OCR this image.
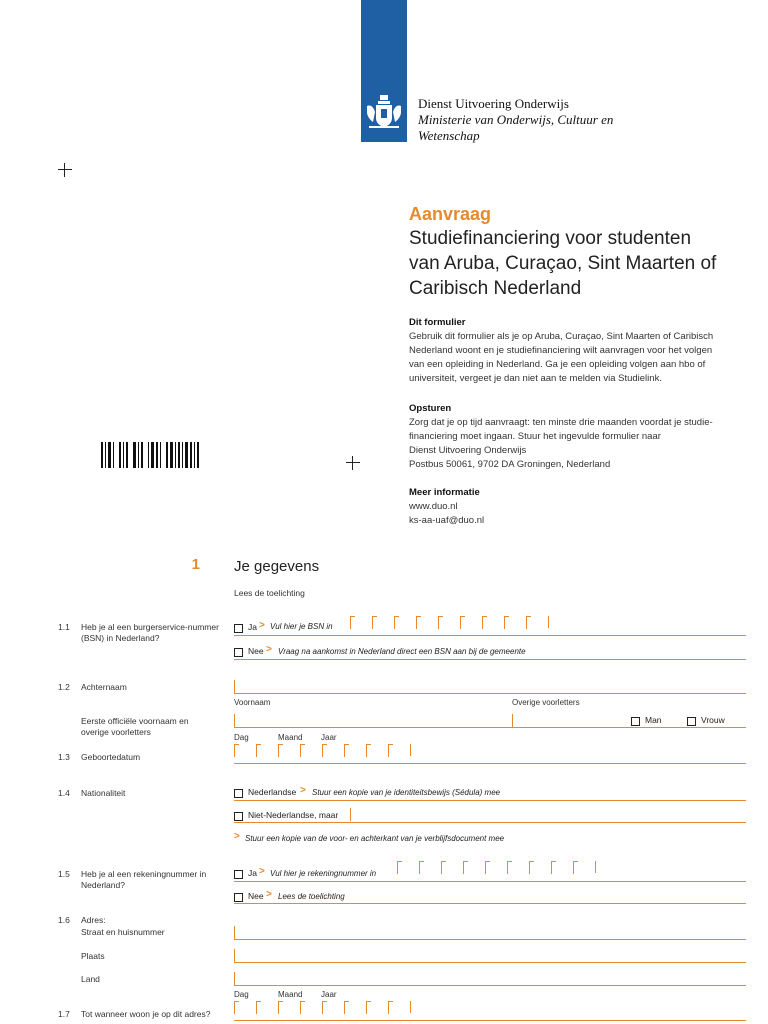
Dienst Uitvoering Onderwijs
Ministerie van Onderwijs, Cultuur en
Wetenschap
Aanvraag
Studiefinanciering voor studenten
van Aruba, Curaçao, Sint Maarten of
Caribisch Nederland
Dit formulier
Gebruik dit formulier als je op Aruba, Curaçao, Sint Maarten of Caribisch
Nederland woont en je studiefinanciering wilt aanvragen voor het volgen
van een opleiding in Nederland. Ga je een opleiding volgen aan hbo of
universiteit, vergeet je dan niet aan te melden via Studielink.
Opsturen
Zorg dat je op tijd aanvraagt: ten minste drie maanden voordat je studie-
financiering moet ingaan. Stuur het ingevulde formulier naar
Dienst Uitvoering Onderwijs
Postbus 50061, 9702 DA Groningen, Nederland
Meer informatie
www.duo.nl
ks-aa-uaf@duo.nl
1 Je gegevens
Lees de toelichting
1.1 Heb je al een burgerservice-nummer (BSN) in Nederland?
Ja > Vul hier je BSN in
Nee > Vraag na aankomst in Nederland direct een BSN aan bij de gemeente
1.2 Achternaam
Voornaam	Overige voorletters
Eerste officiële voornaam en overige voorletters
Man	Vrouw
Dag	Maand Jaar
1.3 Geboortedatum
1.4 Nationaliteit	Nederlandse > Stuur een kopie van je identiteitsbewijs (Sédula) mee
Niet-Nederlandse, maar
> Stuur een kopie van de voor- en achterkant van je verblijfsdocument mee
1.5 Heb je al een rekeningnummer in Nederland?
Ja > Vul hier je rekeningnummer in
Nee > Lees de toelichting
1.6 Adres:
Straat en huisnummer
Plaats
Land
Dag	Maand Jaar
1.7 Tot wanneer woon je op dit adres?
